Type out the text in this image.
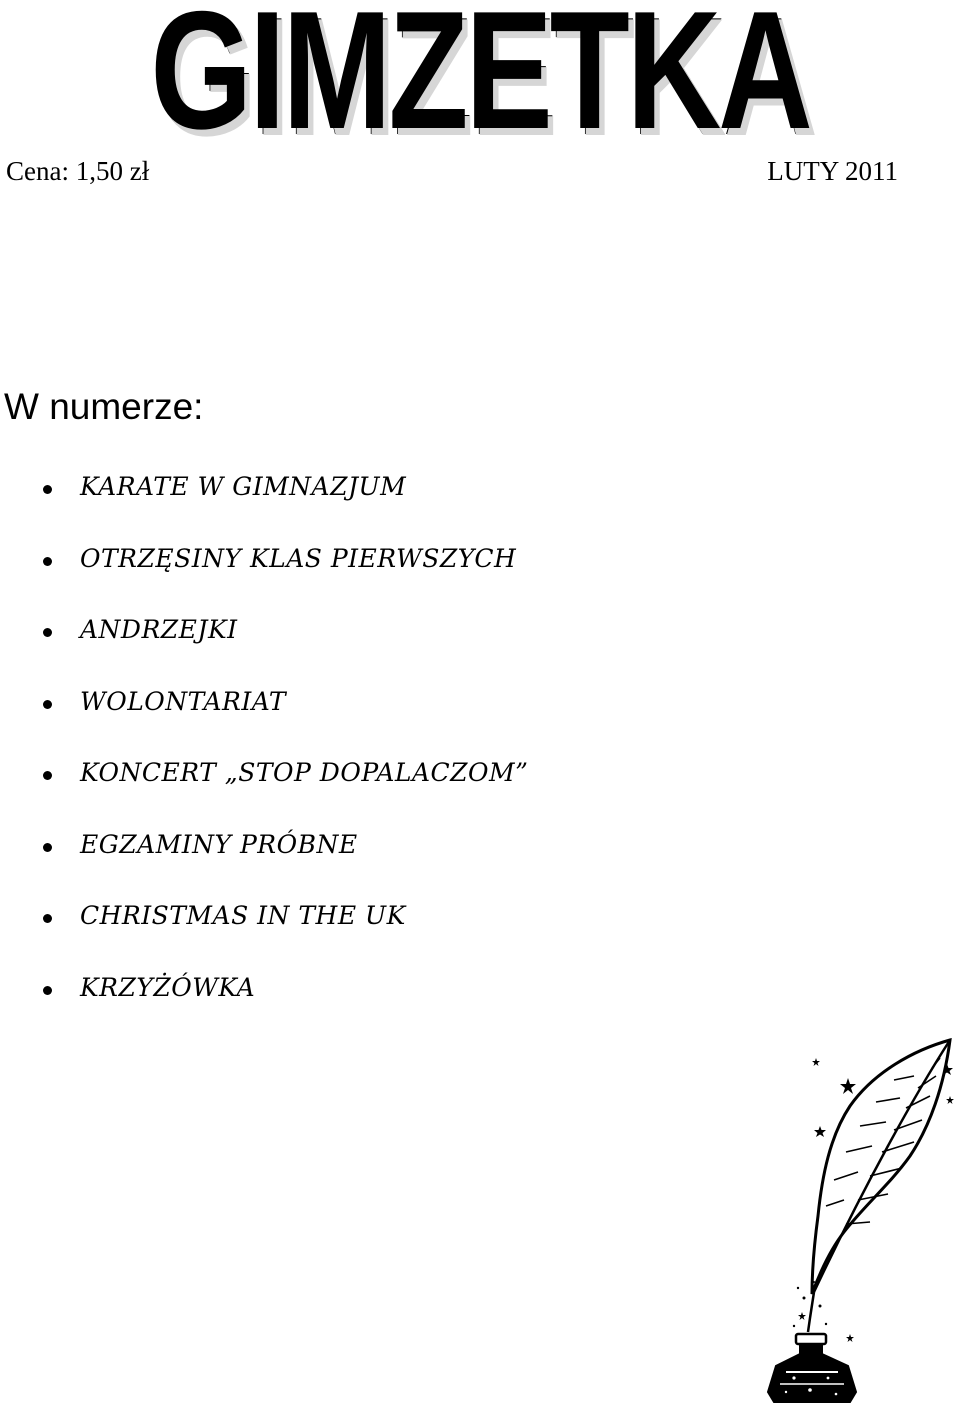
GIMZETKA
Cena: 1,50 zł	LUTY 2011
W numerze:
KARATE W GIMNAZJUM
OTRZĘSINY KLAS PIERWSZYCH
ANDRZEJKI
WOLONTARIAT
KONCERT „STOP DOPALACZOM”
EGZAMINY PRÓBNE
CHRISTMAS IN THE UK
KRZYŻÓWKA
